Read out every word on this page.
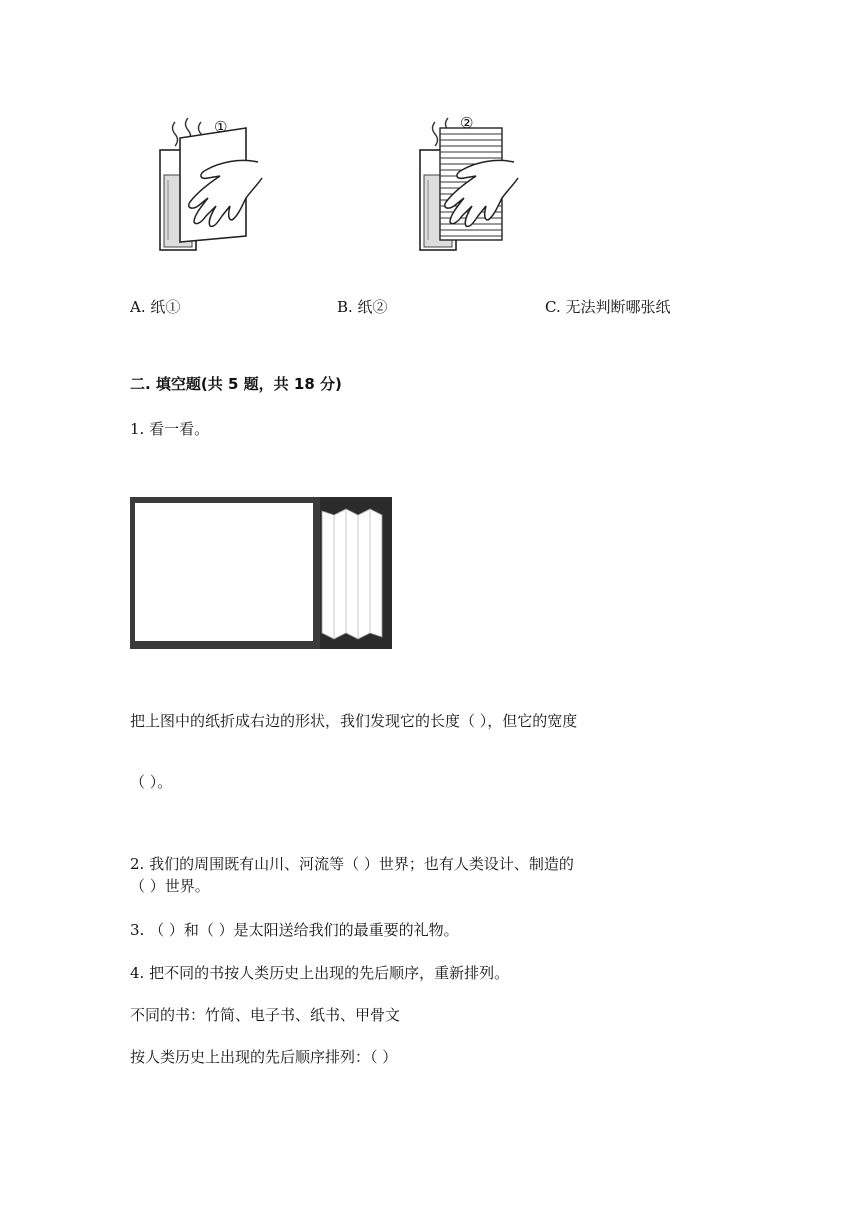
①	②
A. 纸①	B. 纸②	C. 无法判断哪张纸
二. 填空题(共 5 题，共 18 分)
1. 看一看。
把上图中的纸折成右边的形状，我们发现它的长度（ ），但它的宽度
（ ）。
2. 我们的周围既有山川、河流等（ ）世界；也有人类设计、制造的
（ ）世界。
3. （ ）和（ ）是太阳送给我们的最重要的礼物。
4. 把不同的书按人类历史上出现的先后顺序，重新排列。
不同的书：竹简、电子书、纸书、甲骨文
按人类历史上出现的先后顺序排列：（ ）
